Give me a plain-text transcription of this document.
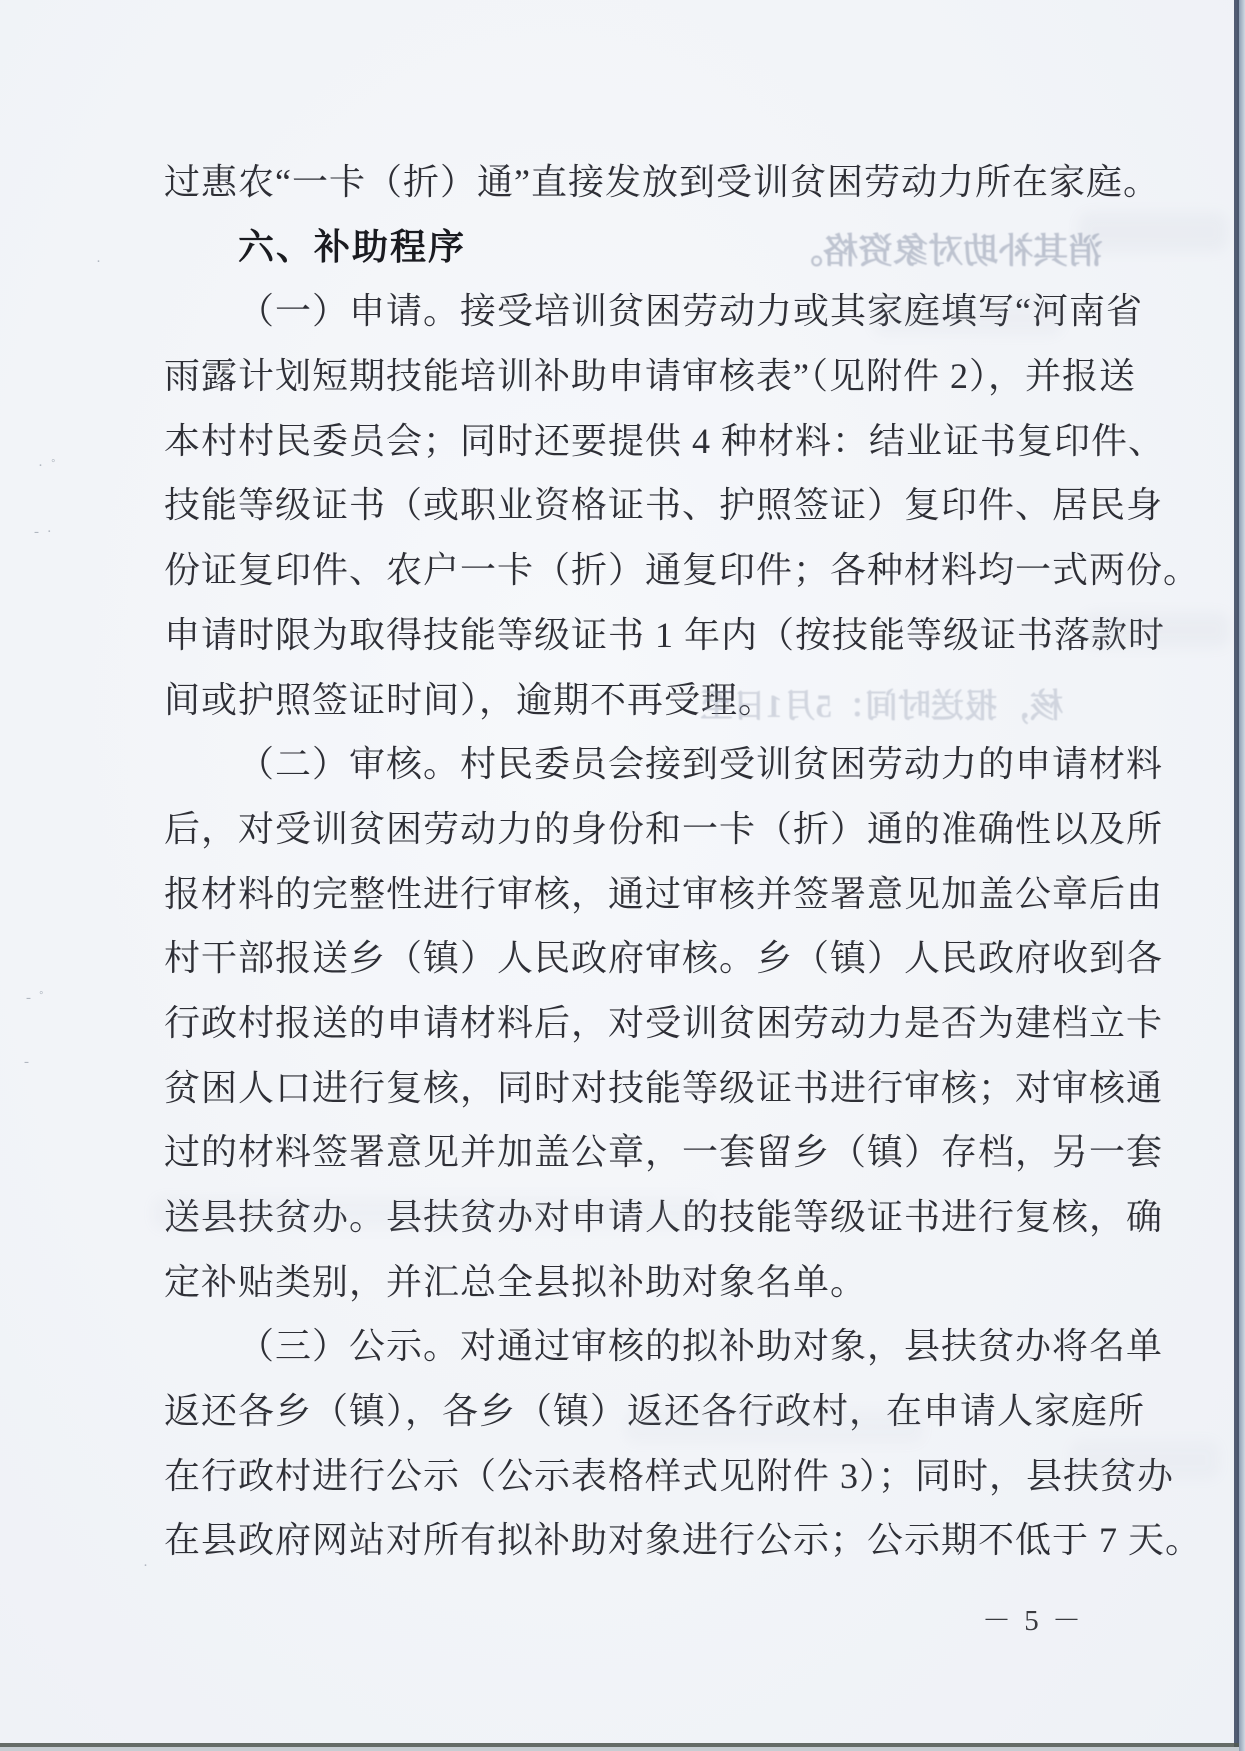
过惠农“一卡（折）通”直接发放到受训贫困劳动力所在家庭。
六、补助程序
（一）申请。接受培训贫困劳动力或其家庭填写“河南省
雨露计划短期技能培训补助申请审核表”（见附件 2），并报送
本村村民委员会；同时还要提供 4 种材料：结业证书复印件、
技能等级证书（或职业资格证书、护照签证）复印件、居民身
份证复印件、农户一卡（折）通复印件；各种材料均一式两份。
申请时限为取得技能等级证书 1 年内（按技能等级证书落款时
间或护照签证时间），逾期不再受理。
（二）审核。村民委员会接到受训贫困劳动力的申请材料
后，对受训贫困劳动力的身份和一卡（折）通的准确性以及所
报材料的完整性进行审核，通过审核并签署意见加盖公章后由
村干部报送乡（镇）人民政府审核。乡（镇）人民政府收到各
行政村报送的申请材料后，对受训贫困劳动力是否为建档立卡
贫困人口进行复核，同时对技能等级证书进行审核；对审核通
过的材料签署意见并加盖公章，一套留乡（镇）存档，另一套
送县扶贫办。县扶贫办对申请人的技能等级证书进行复核，确
定补贴类别，并汇总全县拟补助对象名单。
（三）公示。对通过审核的拟补助对象，县扶贫办将名单
返还各乡（镇），各乡（镇）返还各行政村，在申请人家庭所
在行政村进行公示（公示表格样式见附件 3）；同时，县扶贫办
在县政府网站对所有拟补助对象进行公示；公示期不低于 7 天。
－ 5 －
消其补助对象资格。
核，报送时间：5月1日至
· ˚
- ·
·
- ˚
-
·
